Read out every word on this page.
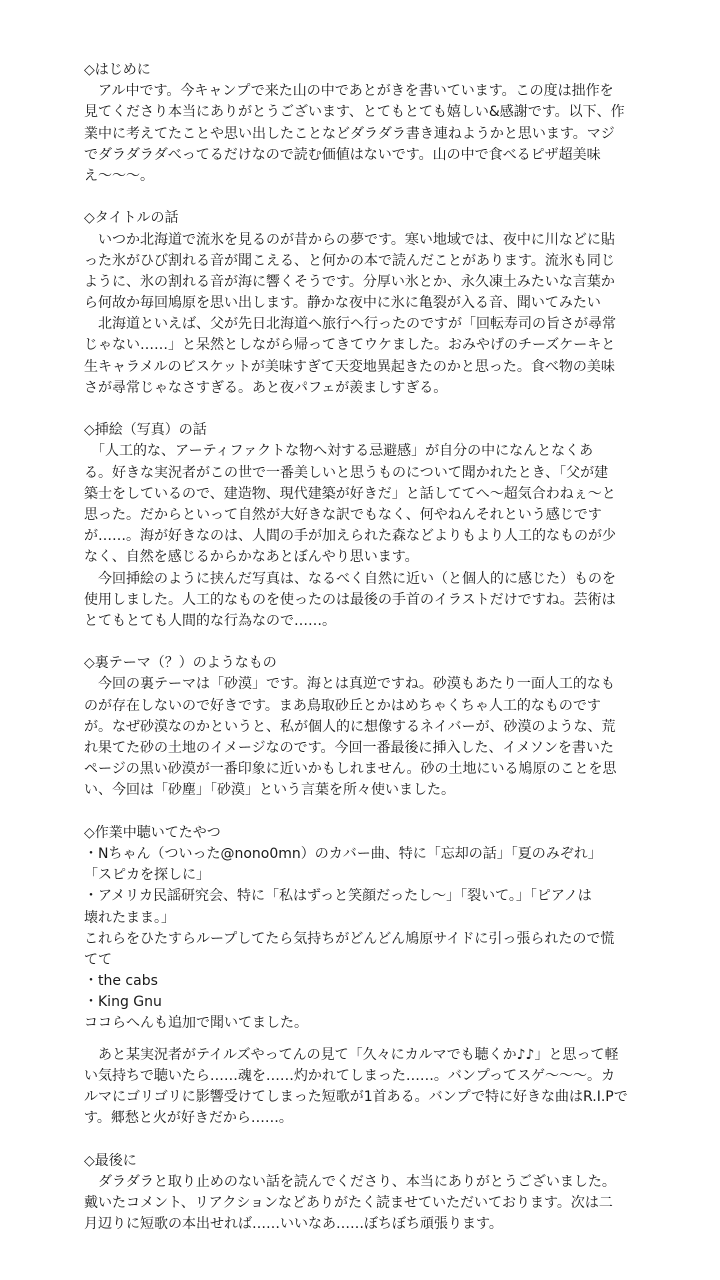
◇はじめに
　アル中です。今キャンプで来た山の中であとがきを書いています。この度は拙作を
見てくださり本当にありがとうございます、とてもとても嬉しい&感謝です。以下、作
業中に考えてたことや思い出したことなどダラダラ書き連ねようかと思います。マジ
でダラダラダべってるだけなので読む価値はないです。山の中で食べるピザ超美味
え〜〜〜。
◇タイトルの話
　いつか北海道で流氷を見るのが昔からの夢です。寒い地域では、夜中に川などに貼
った氷がひび割れる音が聞こえる、と何かの本で読んだことがあります。流氷も同じ
ように、氷の割れる音が海に響くそうです。分厚い氷とか、永久凍土みたいな言葉か
ら何故か毎回鳩原を思い出します。静かな夜中に氷に亀裂が入る音、聞いてみたい
　北海道といえば、父が先日北海道へ旅行へ行ったのですが「回転寿司の旨さが尋常
じゃない……」と呆然としながら帰ってきてウケました。おみやげのチーズケーキと
生キャラメルのビスケットが美味すぎて天変地異起きたのかと思った。食べ物の美味
さが尋常じゃなさすぎる。あと夜パフェが羨ましすぎる。
◇挿絵（写真）の話
　「人工的な、アーティファクトな物へ対する忌避感」が自分の中になんとなくあ
る。好きな実況者がこの世で一番美しいと思うものについて聞かれたとき、「父が建
築士をしているので、建造物、現代建築が好きだ」と話しててへ〜超気合わねぇ〜と
思った。だからといって自然が大好きな訳でもなく、何やねんそれという感じです
が……。海が好きなのは、人間の手が加えられた森などよりもより人工的なものが少
なく、自然を感じるからかなあとぼんやり思います。
　今回挿絵のように挟んだ写真は、なるべく自然に近い（と個人的に感じた）ものを
使用しました。人工的なものを使ったのは最後の手首のイラストだけですね。芸術は
とてもとても人間的な行為なので……。
◇裏テーマ（？）のようなもの
　今回の裏テーマは「砂漠」です。海とは真逆ですね。砂漠もあたり一面人工的なも
のが存在しないので好きです。まあ鳥取砂丘とかはめちゃくちゃ人工的なものです
が。なぜ砂漠なのかというと、私が個人的に想像するネイバーが、砂漠のような、荒
れ果てた砂の土地のイメージなのです。今回一番最後に挿入した、イメソンを書いた
ページの黒い砂漠が一番印象に近いかもしれません。砂の土地にいる鳩原のことを思
い、今回は「砂塵」「砂漠」という言葉を所々使いました。
◇作業中聴いてたやつ
・Nちゃん（ついった@nono0mn）のカバー曲、特に「忘却の話」「夏のみぞれ」
「スピカを探しに」
・アメリカ民謡研究会、特に「私はずっと笑顔だったし〜」「裂いて。」「ピアノは
壊れたまま。」
これらをひたすらループしてたら気持ちがどんどん鳩原サイドに引っ張られたので慌
てて
・the cabs
・King Gnu
ココらへんも追加で聞いてました。
　あと某実況者がテイルズやってんの見て「久々にカルマでも聴くか♪♪」と思って軽
い気持ちで聴いたら……魂を……灼かれてしまった……。バンプってスゲ〜〜〜。カ
ルマにゴリゴリに影響受けてしまった短歌が1首ある。バンプで特に好きな曲はR.I.Pで
す。郷愁と火が好きだから……。
◇最後に
　ダラダラと取り止めのない話を読んでくださり、本当にありがとうございました。
戴いたコメント、リアクションなどありがたく読ませていただいております。次は二
月辺りに短歌の本出せれば……いいなあ……ぼちぼち頑張ります。
